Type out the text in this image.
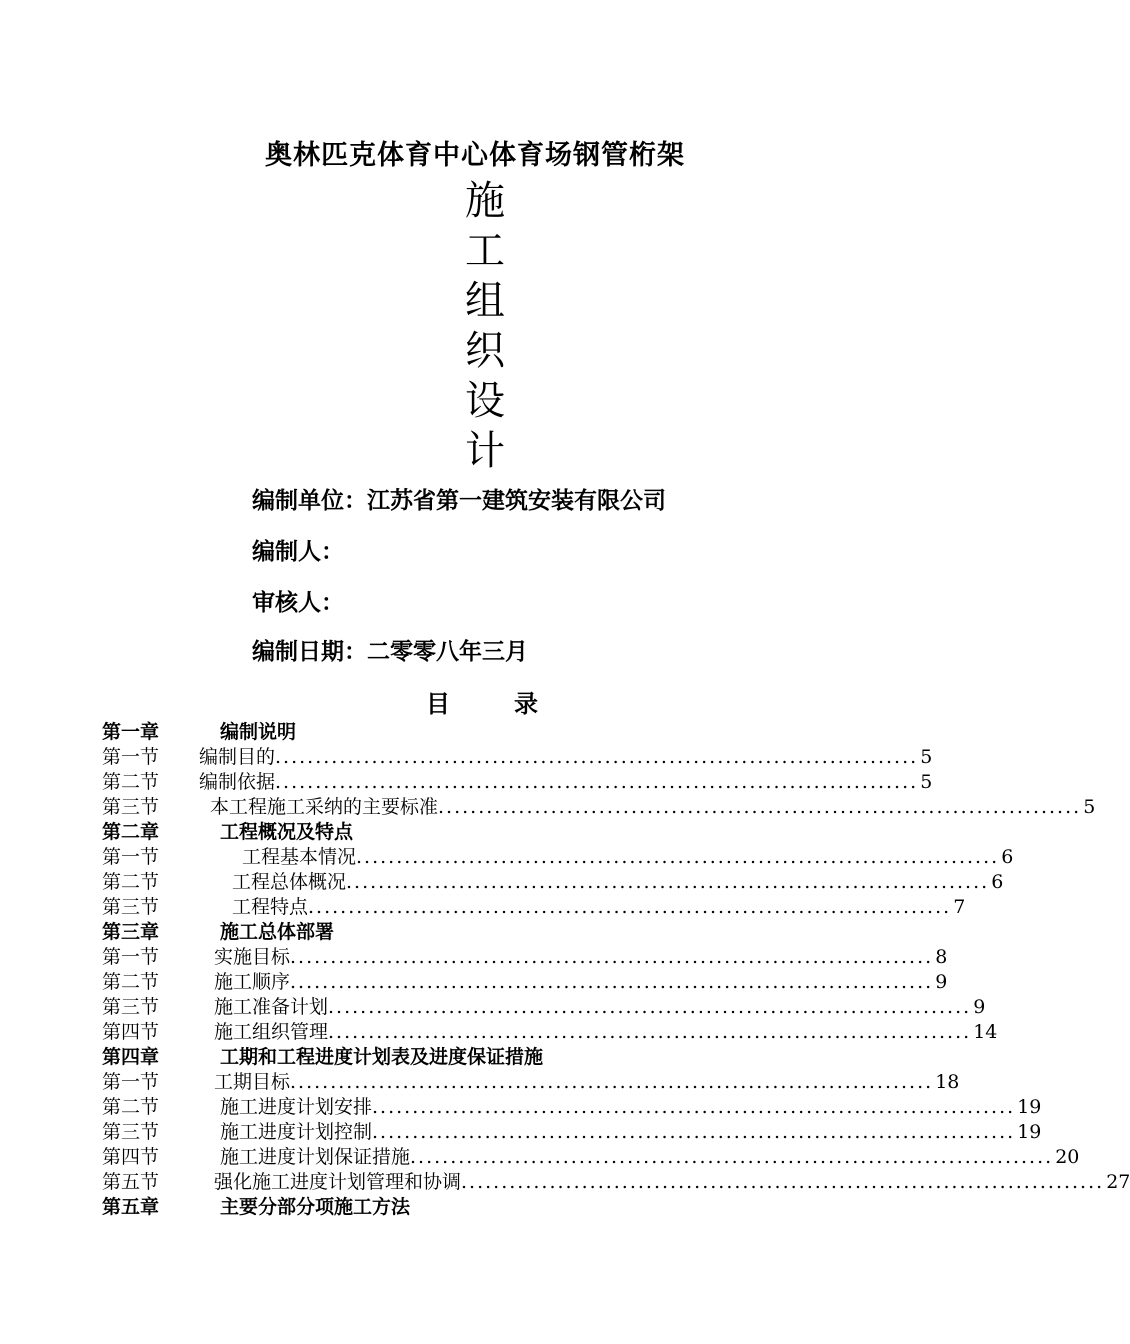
奥林匹克体育中心体育场钢管桁架
施
工
组
织
设
计
编制单位：江苏省第一建筑安装有限公司
编制人：
审核人：
编制日期：二零零八年三月
目	录
第一章	编制说明
第一节 编制目的 ................................................................................ 5
第二节 编制依据 ................................................................................ 5
第三节	本工程施工采纳的主要标准 ................................................................................ 5
第二章	工程概况及特点
第一节	工程基本情况 ................................................................................ 6
第二节	工程总体概况 ................................................................................ 6
第三节	工程特点 ................................................................................ 7
第三章	施工总体部署
第一节	实施目标 ................................................................................ 8
第二节	施工顺序 ................................................................................ 9
第三节	施工准备计划 ................................................................................ 9
第四节	施工组织管理 ................................................................................ 14
第四章	工期和工程进度计划表及进度保证措施
第一节	工期目标 ................................................................................ 18
第二节	施工进度计划安排 ................................................................................ 19
第三节	施工进度计划控制 ................................................................................ 19
第四节	施工进度计划保证措施 ................................................................................ 20
第五节	强化施工进度计划管理和协调 ................................................................................ 27
第五章	主要分部分项施工方法
